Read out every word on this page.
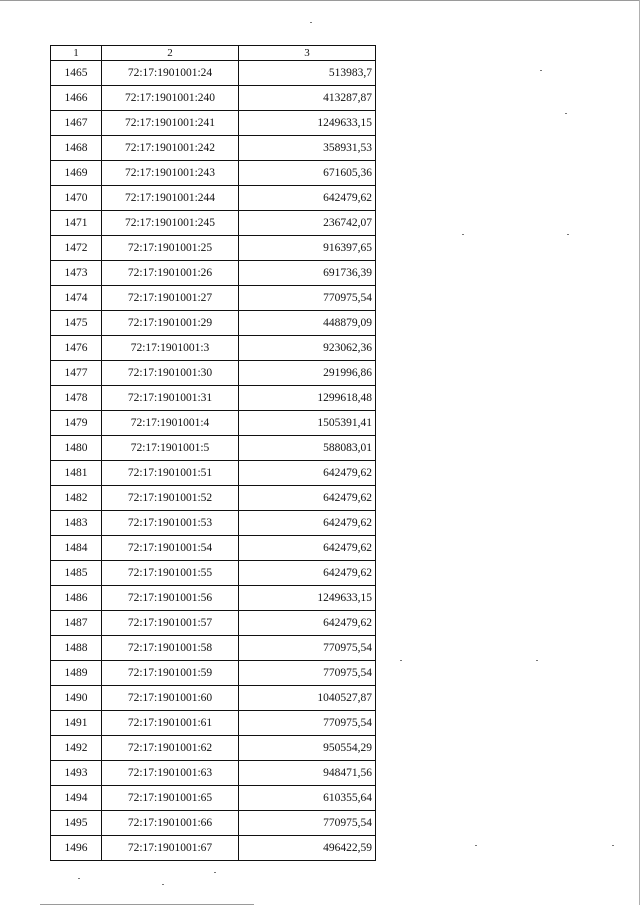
1	2	3
1465	72:17:1901001:24	513983,7
1466	72:17:1901001:240	413287,87
1467	72:17:1901001:241	1249633,15
1468	72:17:1901001:242	358931,53
1469	72:17:1901001:243	671605,36
1470	72:17:1901001:244	642479,62
1471	72:17:1901001:245	236742,07
1472	72:17:1901001:25	916397,65
1473	72:17:1901001:26	691736,39
1474	72:17:1901001:27	770975,54
1475	72:17:1901001:29	448879,09
1476	72:17:1901001:3	923062,36
1477	72:17:1901001:30	291996,86
1478	72:17:1901001:31	1299618,48
1479	72:17:1901001:4	1505391,41
1480	72:17:1901001:5	588083,01
1481	72:17:1901001:51	642479,62
1482	72:17:1901001:52	642479,62
1483	72:17:1901001:53	642479,62
1484	72:17:1901001:54	642479,62
1485	72:17:1901001:55	642479,62
1486	72:17:1901001:56	1249633,15
1487	72:17:1901001:57	642479,62
1488	72:17:1901001:58	770975,54
1489	72:17:1901001:59	770975,54
1490	72:17:1901001:60	1040527,87
1491	72:17:1901001:61	770975,54
1492	72:17:1901001:62	950554,29
1493	72:17:1901001:63	948471,56
1494	72:17:1901001:65	610355,64
1495	72:17:1901001:66	770975,54
1496	72:17:1901001:67	496422,59
